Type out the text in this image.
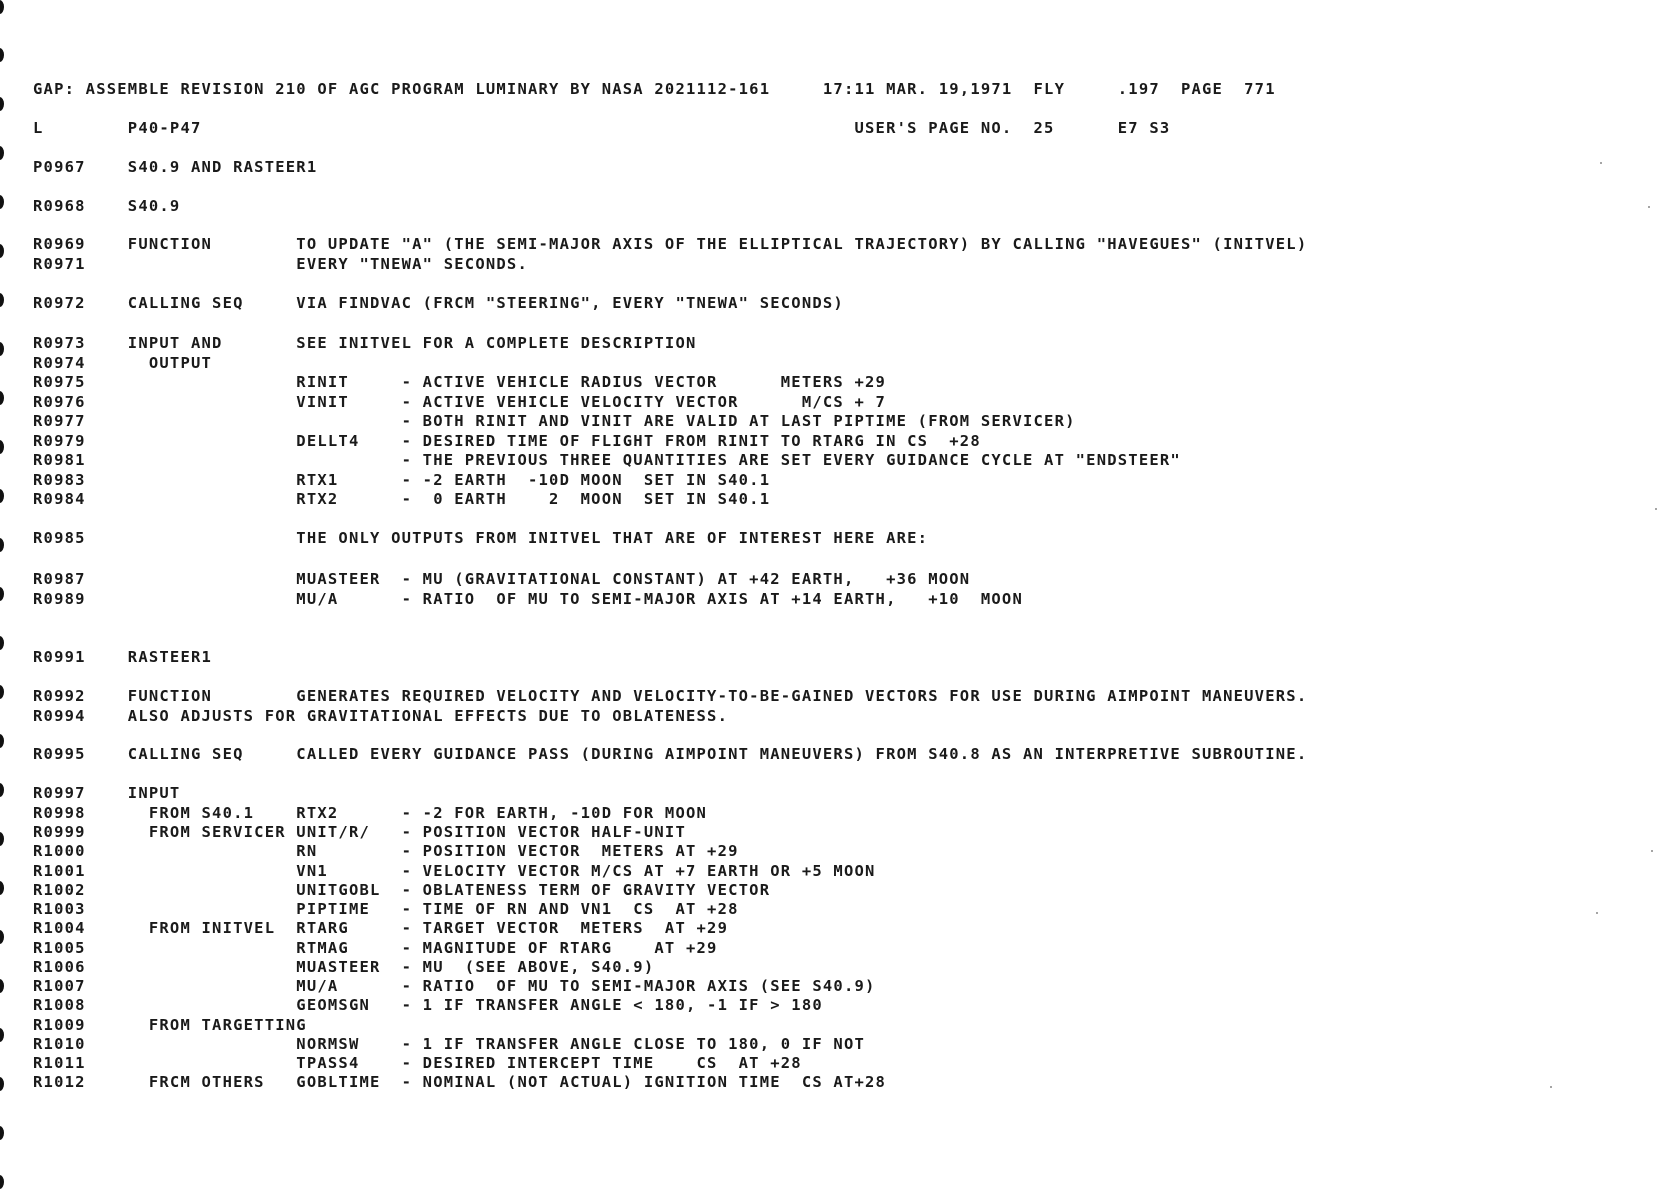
GAP: ASSEMBLE REVISION 210 OF AGC PROGRAM LUMINARY BY NASA 2021112-161     17:11 MAR. 19,1971  FLY     .197  PAGE  771
L        P40-P47                                                              USER'S PAGE NO.  25      E7 S3
P0967    S40.9 AND RASTEER1
R0968    S40.9
R0969    FUNCTION        TO UPDATE "A" (THE SEMI-MAJOR AXIS OF THE ELLIPTICAL TRAJECTORY) BY CALLING "HAVEGUES" (INITVEL)
R0971                    EVERY "TNEWA" SECONDS.
R0972    CALLING SEQ     VIA FINDVAC (FRCM "STEERING", EVERY "TNEWA" SECONDS)
R0973    INPUT AND       SEE INITVEL FOR A COMPLETE DESCRIPTION
R0974      OUTPUT
R0975                    RINIT     - ACTIVE VEHICLE RADIUS VECTOR      METERS +29
R0976                    VINIT     - ACTIVE VEHICLE VELOCITY VECTOR      M/CS + 7
R0977                              - BOTH RINIT AND VINIT ARE VALID AT LAST PIPTIME (FROM SERVICER)
R0979                    DELLT4    - DESIRED TIME OF FLIGHT FROM RINIT TO RTARG IN CS  +28
R0981                              - THE PREVIOUS THREE QUANTITIES ARE SET EVERY GUIDANCE CYCLE AT "ENDSTEER"
R0983                    RTX1      - -2 EARTH  -10D MOON  SET IN S40.1
R0984                    RTX2      -  0 EARTH    2  MOON  SET IN S40.1
R0985                    THE ONLY OUTPUTS FROM INITVEL THAT ARE OF INTEREST HERE ARE:
R0987                    MUASTEER  - MU (GRAVITATIONAL CONSTANT) AT +42 EARTH,   +36 MOON
R0989                    MU/A      - RATIO  OF MU TO SEMI-MAJOR AXIS AT +14 EARTH,   +10  MOON
R0991    RASTEER1
R0992    FUNCTION        GENERATES REQUIRED VELOCITY AND VELOCITY-TO-BE-GAINED VECTORS FOR USE DURING AIMPOINT MANEUVERS.
R0994    ALSO ADJUSTS FOR GRAVITATIONAL EFFECTS DUE TO OBLATENESS.
R0995    CALLING SEQ     CALLED EVERY GUIDANCE PASS (DURING AIMPOINT MANEUVERS) FROM S40.8 AS AN INTERPRETIVE SUBROUTINE.
R0997    INPUT
R0998      FROM S40.1    RTX2      - -2 FOR EARTH, -10D FOR MOON
R0999      FROM SERVICER UNIT/R/   - POSITION VECTOR HALF-UNIT
R1000                    RN        - POSITION VECTOR  METERS AT +29
R1001                    VN1       - VELOCITY VECTOR M/CS AT +7 EARTH OR +5 MOON
R1002                    UNITGOBL  - OBLATENESS TERM OF GRAVITY VECTOR
R1003                    PIPTIME   - TIME OF RN AND VN1  CS  AT +28
R1004      FROM INITVEL  RTARG     - TARGET VECTOR  METERS  AT +29
R1005                    RTMAG     - MAGNITUDE OF RTARG    AT +29
R1006                    MUASTEER  - MU  (SEE ABOVE, S40.9)
R1007                    MU/A      - RATIO  OF MU TO SEMI-MAJOR AXIS (SEE S40.9)
R1008                    GEOMSGN   - 1 IF TRANSFER ANGLE < 180, -1 IF > 180
R1009      FROM TARGETTING
R1010                    NORMSW    - 1 IF TRANSFER ANGLE CLOSE TO 180, 0 IF NOT
R1011                    TPASS4    - DESIRED INTERCEPT TIME    CS  AT +28
R1012      FRCM OTHERS   GOBLTIME  - NOMINAL (NOT ACTUAL) IGNITION TIME  CS AT+28
